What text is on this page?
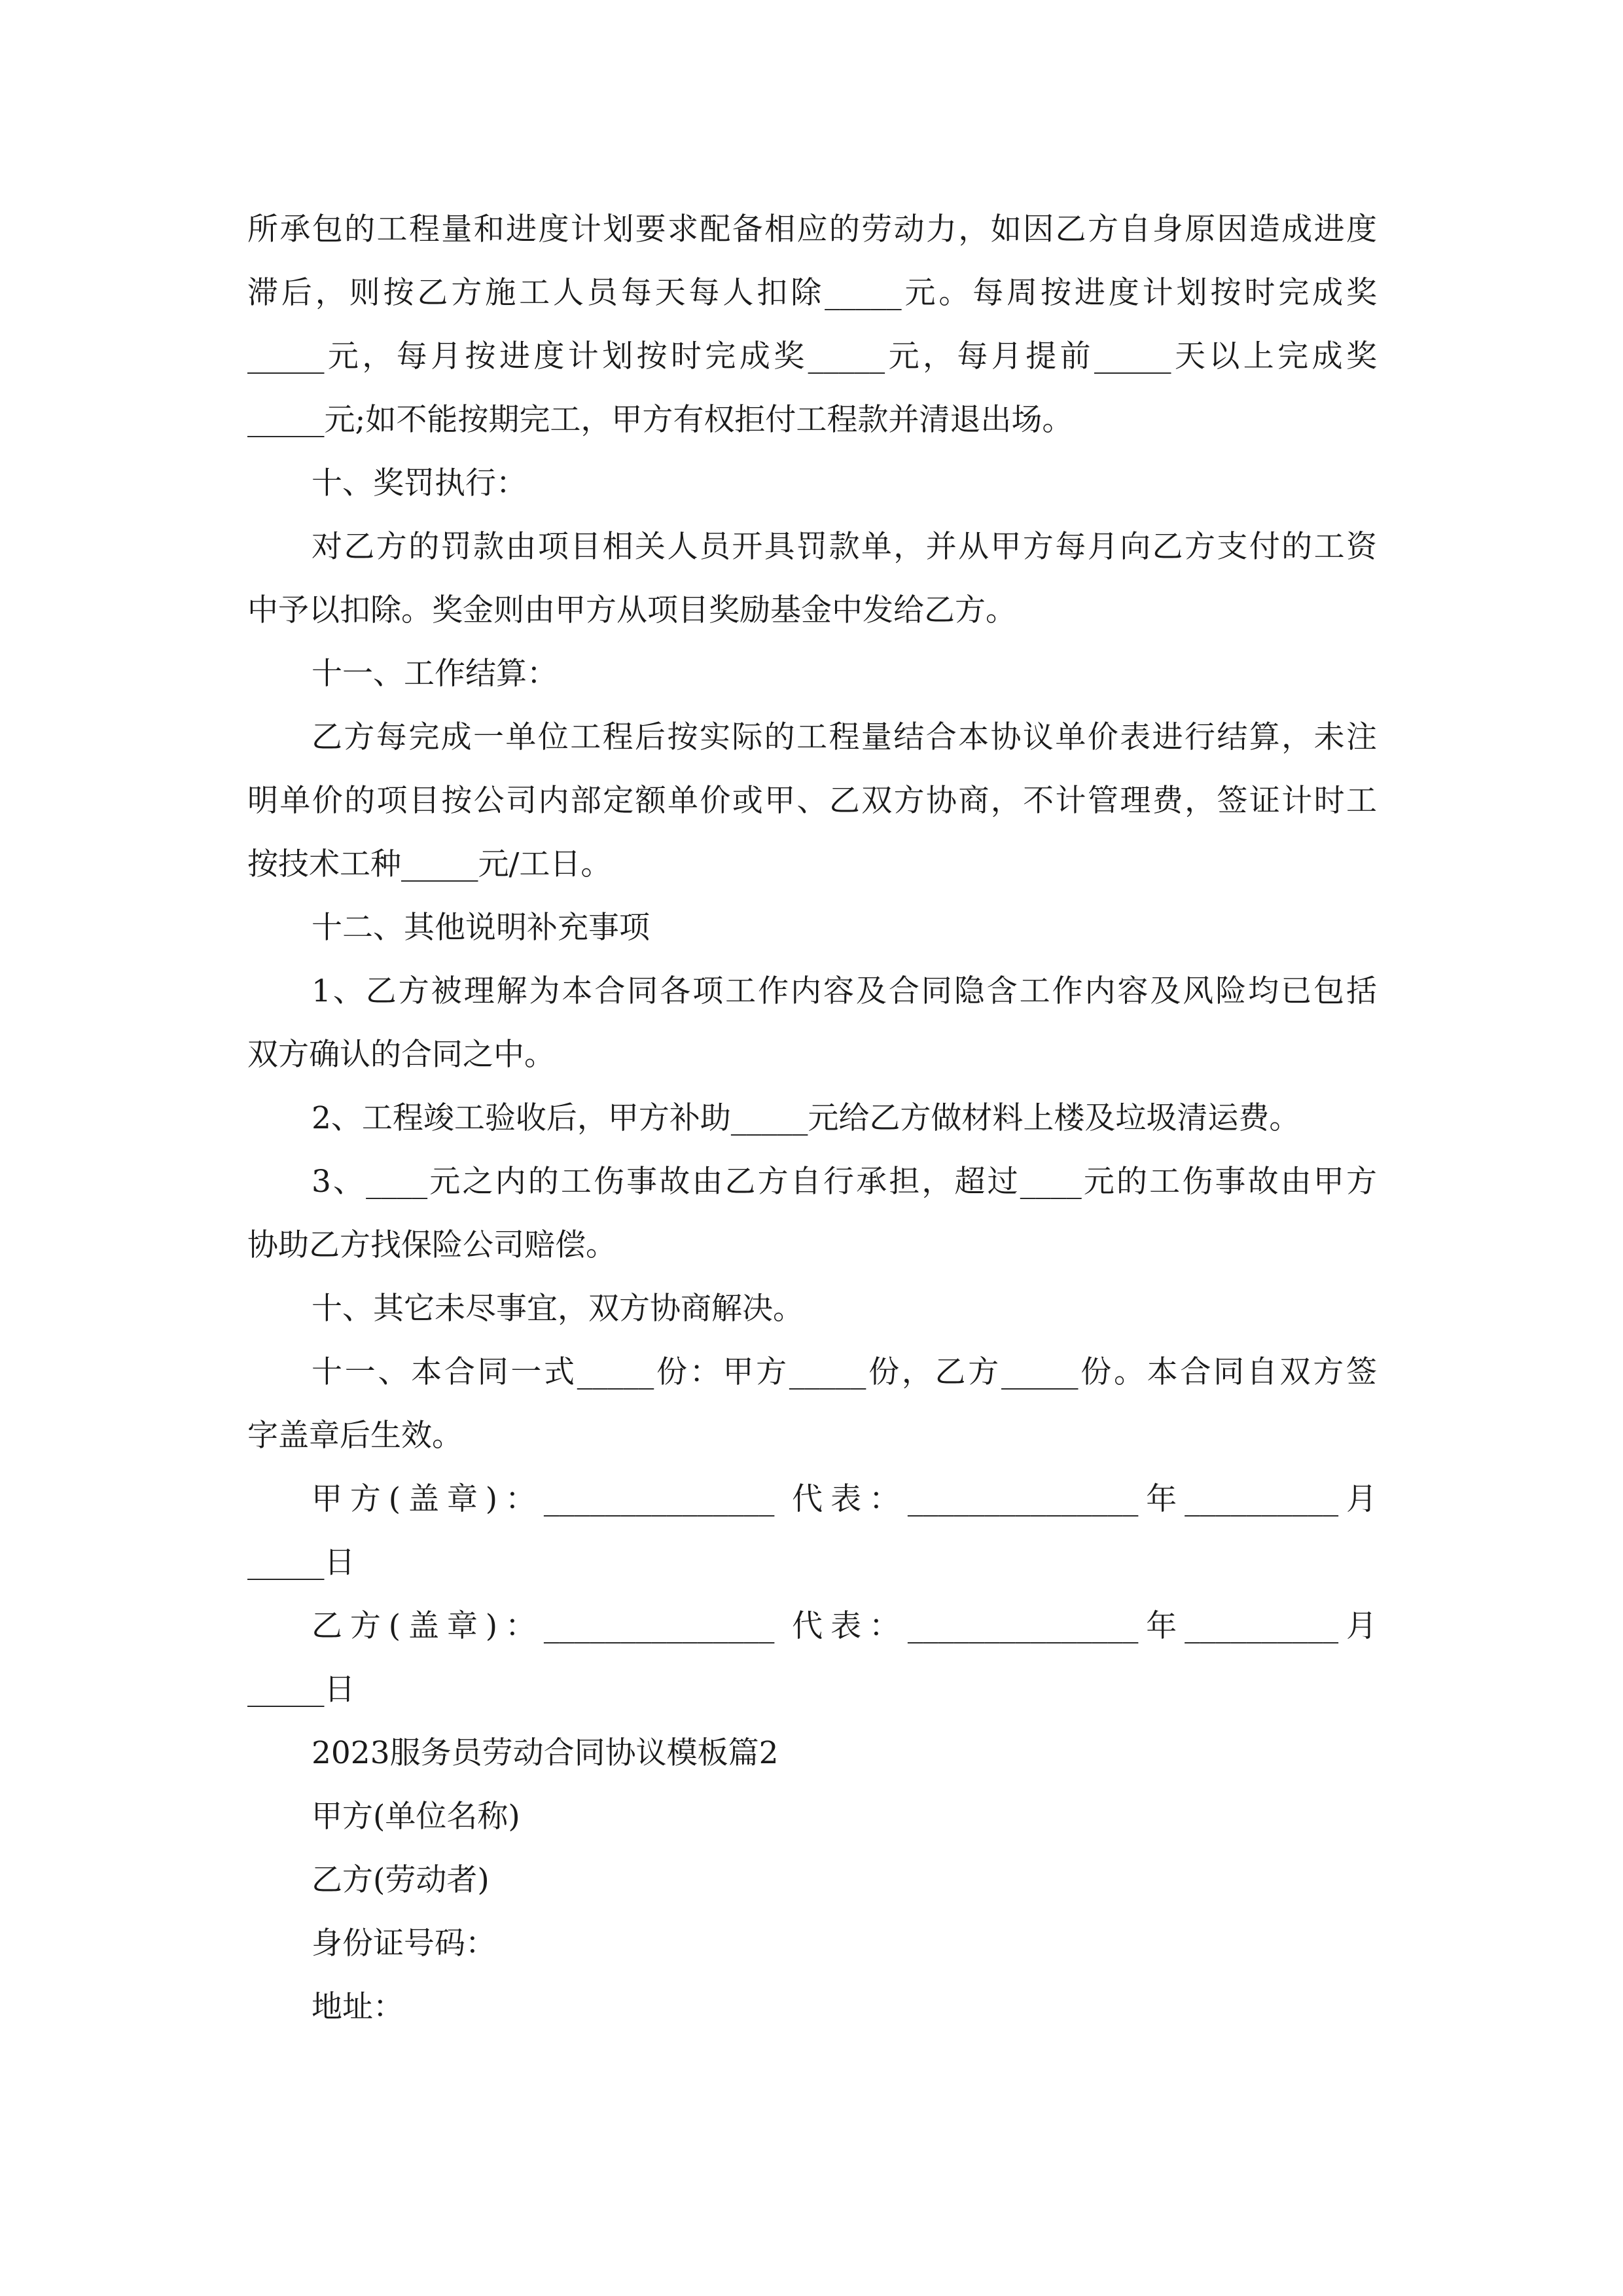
所承包的工程量和进度计划要求配备相应的劳动力，如因乙方自身原因造成进度
滞后，则按乙方施工人员每天每人扣除_____元。每周按进度计划按时完成奖
_____元，每月按进度计划按时完成奖_____元，每月提前_____天以上完成奖
_____元;如不能按期完工，甲方有权拒付工程款并清退出场。
十、奖罚执行：
对乙方的罚款由项目相关人员开具罚款单，并从甲方每月向乙方支付的工资
中予以扣除。奖金则由甲方从项目奖励基金中发给乙方。
十一、工作结算：
乙方每完成一单位工程后按实际的工程量结合本协议单价表进行结算，未注
明单价的项目按公司内部定额单价或甲、乙双方协商，不计管理费，签证计时工
按技术工种_____元/工日。
十二、其他说明补充事项
1、乙方被理解为本合同各项工作内容及合同隐含工作内容及风险均已包括
双方确认的合同之中。
2、工程竣工验收后，甲方补助_____元给乙方做材料上楼及垃圾清运费。
3、____元之内的工伤事故由乙方自行承担，超过____元的工伤事故由甲方
协助乙方找保险公司赔偿。
十、其它未尽事宜，双方协商解决。
十一、本合同一式_____份：甲方_____份，乙方_____份。本合同自双方签
字盖章后生效。
甲方(盖章)：_______________ 代表：_______________年__________月
_____日
乙方(盖章)：_______________ 代表：_______________年__________月
_____日
2023服务员劳动合同协议模板篇2
甲方(单位名称)
乙方(劳动者)
身份证号码：
地址：
